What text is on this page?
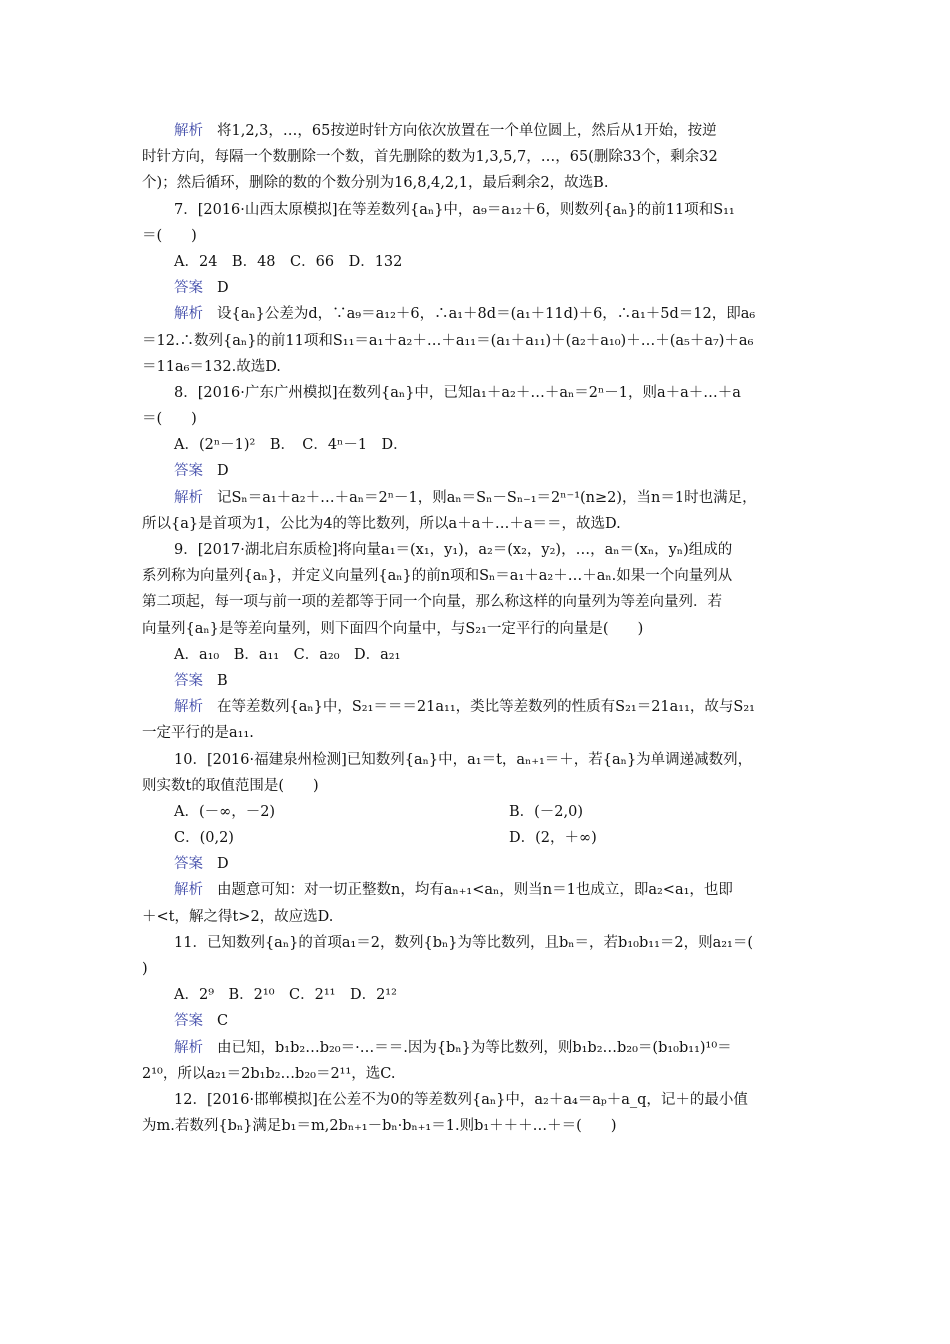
解析 将1,2,3，…，65按逆时针方向依次放置在一个单位圆上，然后从1开始，按逆
时针方向，每隔一个数删除一个数，首先删除的数为1,3,5,7，…，65(删除33个，剩余32
个)；然后循环，删除的数的个数分别为16,8,4,2,1，最后剩余2，故选B.
7．[2016·山西太原模拟]在等差数列{aₙ}中，a₉＝a₁₂＋6，则数列{aₙ}的前11项和S₁₁
＝(　　)
A．24　B．48　C．66　D．132
答案 D
解析 设{aₙ}公差为d，∵a₉＝a₁₂＋6，∴a₁＋8d＝(a₁＋11d)＋6，∴a₁＋5d＝12，即a₆
＝12.∴数列{aₙ}的前11项和S₁₁＝a₁＋a₂＋…＋a₁₁＝(a₁＋a₁₁)＋(a₂＋a₁₀)＋…＋(a₅＋a₇)＋a₆
＝11a₆＝132.故选D.
8．[2016·广东广州模拟]在数列{aₙ}中，已知a₁＋a₂＋…＋aₙ＝2ⁿ－1，则a＋a＋…＋a
＝(　　)
A．(2ⁿ－1)²　B．　C．4ⁿ－1　D．
答案 D
解析 记Sₙ＝a₁＋a₂＋…＋aₙ＝2ⁿ－1，则aₙ＝Sₙ－Sₙ₋₁＝2ⁿ⁻¹(n≥2)，当n＝1时也满足，
所以{a}是首项为1，公比为4的等比数列，所以a＋a＋…＋a＝＝，故选D.
9．[2017·湖北启东质检]将向量a₁＝(x₁，y₁)，a₂＝(x₂，y₂)，…，aₙ＝(xₙ，yₙ)组成的
系列称为向量列{aₙ}，并定义向量列{aₙ}的前n项和Sₙ＝a₁＋a₂＋…＋aₙ.如果一个向量列从
第二项起，每一项与前一项的差都等于同一个向量，那么称这样的向量列为等差向量列．若
向量列{aₙ}是等差向量列，则下面四个向量中，与S₂₁一定平行的向量是(　　)
A．a₁₀　B．a₁₁　C．a₂₀　D．a₂₁
答案 B
解析 在等差数列{aₙ}中，S₂₁＝＝＝21a₁₁，类比等差数列的性质有S₂₁＝21a₁₁，故与S₂₁
一定平行的是a₁₁.
10．[2016·福建泉州检测]已知数列{aₙ}中，a₁＝t，aₙ₊₁＝＋，若{aₙ}为单调递减数列，
则实数t的取值范围是(　　)
A．(－∞，－2)	B．(－2,0)
C．(0,2)	D．(2，＋∞)
答案 D
解析 由题意可知：对一切正整数n，均有aₙ₊₁<aₙ，则当n＝1也成立，即a₂<a₁，也即
＋<t，解之得t>2，故应选D.
11．已知数列{aₙ}的首项a₁＝2，数列{bₙ}为等比数列，且bₙ＝，若b₁₀b₁₁＝2，则a₂₁＝(
)
A．2⁹　B．2¹⁰　C．2¹¹　D．2¹²
答案 C
解析 由已知，b₁b₂…b₂₀＝·…＝＝.因为{bₙ}为等比数列，则b₁b₂…b₂₀＝(b₁₀b₁₁)¹⁰＝
2¹⁰，所以a₂₁＝2b₁b₂…b₂₀＝2¹¹，选C.
12．[2016·邯郸模拟]在公差不为0的等差数列{aₙ}中，a₂＋a₄＝aₚ＋a_q，记＋的最小值
为m.若数列{bₙ}满足b₁＝m,2bₙ₊₁－bₙ·bₙ₊₁＝1.则b₁＋＋＋…＋＝(　　)
